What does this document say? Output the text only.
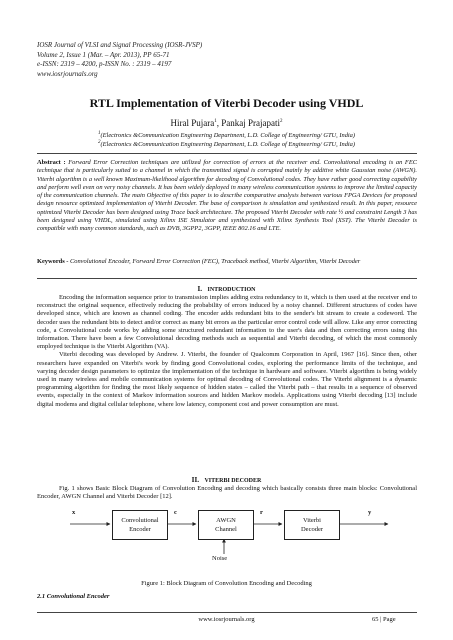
IOSR Journal of VLSI and Signal Processing (IOSR-JVSP)
Volume 2, Issue 1 (Mar. – Apr. 2013), PP 65-71
e-ISSN: 2319 – 4200, p-ISSN No. : 2319 – 4197
www.iosrjournals.org
RTL Implementation of Viterbi Decoder using VHDL
Hiral Pujara$^1$, Pankaj Prajapati$^2$
$^1$(Electronics &Communication Engineering Department, L.D. College of Engineering/ GTU, India)
$^2$(Electronics &Communication Engineering Department, L.D. College of Engineering/ GTU, India)
Abstract : Forward Error Correction techniques are utilized for correction of errors at the receiver end. Convolutional encoding is an FEC technique that is particularly suited to a channel in which the transmitted signal is corrupted mainly by additive white Gaussian noise (AWGN). Viterbi algorithm is a well known Maximum-likelihood algorithm for decoding of Convolutional codes. They have rather good correcting capability and perform well even on very noisy channels. It has been widely deployed in many wireless communication systems to improve the limited capacity of the communication channels. The main Objective of this paper is to describe comparative analysis between various FPGA Devices for proposed design resource optimized implementation of Viterbi Decoder. The base of comparison is simulation and synthesized result. In this paper, resource optimized Viterbi Decoder has been designed using Trace back architecture. The proposed Viterbi Decoder with rate ½ and constraint Length 3 has been designed using VHDL, simulated using Xilinx ISE Simulator and synthesized with Xilinx Synthesis Tool (XST). The Viterbi Decoder is compatible with many common standards, such as DVB, 3GPP2, 3GPP, IEEE 802.16 and LTE.
Keywords - Convolutional Encoder, Forward Error Correction (FEC), Traceback method, Viterbi Algorithm, Viterbi Decoder
I. INTRODUCTION

Encoding the information sequence prior to transmission implies adding extra redundancy to it, which is then used at the receiver end to reconstruct the original sequence, effectively reducing the probability of errors induced by a noisy channel. Different structures of codes have developed since, which are known as channel coding. The encoder adds redundant bits to the sender's bit stream to create a codeword. The decoder uses the redundant bits to detect and/or correct as many bit errors as the particular error control code will allow. Like any error correcting code, a Convolutional code works by adding some structured redundant information to the user's data and then correcting errors using this information. There have been a few Convolutional decoding methods such as sequential and Viterbi decoding, of which the most commonly employed technique is the Viterbi Algorithm (VA).

Viterbi decoding was developed by Andrew. J. Viterbi, the founder of Qualcomm Corporation in April, 1967 [16]. Since then, other researchers have expanded on Viterbi's work by finding good Convolutional codes, exploring the performance limits of the technique, and varying decoder design parameters to optimize the implementation of the technique in hardware and software. Viterbi algorithm is being widely used in many wireless and mobile communication systems for optimal decoding of Convolutional codes. The Viterbi alignment is a dynamic programming algorithm for finding the most likely sequence of hidden states – called the Viterbi path – that results in a sequence of observed events, especially in the context of Markov information sources and hidden Markov models. Applications using Viterbi decoding [13] include digital modems and digital cellular telephone, where low latency, component cost and power consumption are must.

II. VITERBI DECODER

Fig. 1 shows Basic Block Diagram of Convolution Encoding and decoding which basically consists three main blocks: Convolutional Encoder, AWGN Channel and Viterbi Decoder [12].

x	c	r	y
Convolutional
Encoder
AWGN
Channel
Viterbi
Decoder
Noise
Figure 1: Block Diagram of Convolution Encoding and Decoding
2.1 Convolutional Encoder
www.iosrjournals.org	65 | Page
